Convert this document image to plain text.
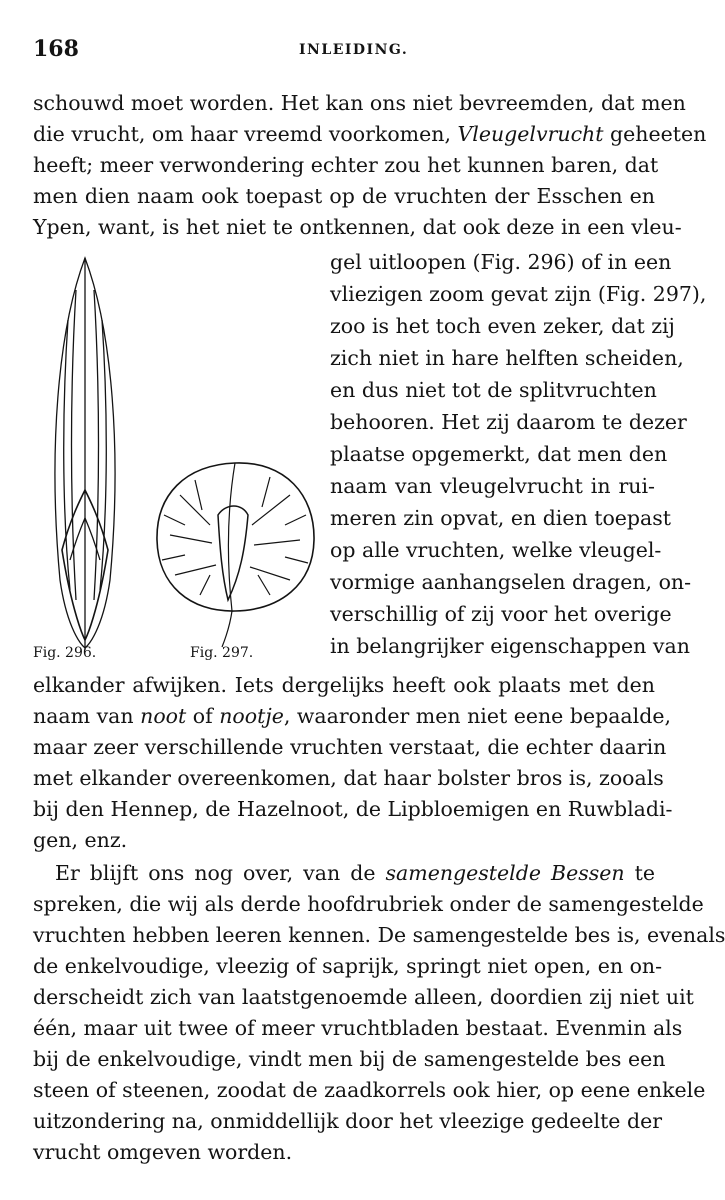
168	INLEIDING.
schouwd moet worden. Het kan ons niet bevreemden, dat men
die vrucht, om haar vreemd voorkomen, Vleugelvrucht geheeten
heeft; meer verwondering echter zou het kunnen baren, dat
men dien naam ook toepast op de vruchten der Esschen en
Ypen, want, is het niet te ontkennen, dat ook deze in een vleu-
gel uitloopen (Fig. 296) of in een
vliezigen zoom gevat zijn (Fig. 297),
zoo is het toch even zeker, dat zij
zich niet in hare helften scheiden,
en dus niet tot de splitvruchten
behooren. Het zij daarom te dezer
plaatse opgemerkt, dat men den
naam van vleugelvrucht in rui-
meren zin opvat, en dien toepast
op alle vruchten, welke vleugel-
vormige aanhangselen dragen, on-
verschillig of zij voor het overige
in belangrijker eigenschappen van
Fig. 296.	Fig. 297.
elkander afwijken. Iets dergelijks heeft ook plaats met den
naam van noot of nootje, waaronder men niet eene bepaalde,
maar zeer verschillende vruchten verstaat, die echter daarin
met elkander overeenkomen, dat haar bolster bros is, zooals
bij den Hennep, de Hazelnoot, de Lipbloemigen en Ruwbladi-
gen, enz.
Er blijft ons nog over, van de samengestelde Bessen te
spreken, die wij als derde hoofdrubriek onder de samengestelde
vruchten hebben leeren kennen. De samengestelde bes is, evenals
de enkelvoudige, vleezig of saprijk, springt niet open, en on-
derscheidt zich van laatstgenoemde alleen, doordien zij niet uit
één, maar uit twee of meer vruchtbladen bestaat. Evenmin als
bij de enkelvoudige, vindt men bij de samengestelde bes een
steen of steenen, zoodat de zaadkorrels ook hier, op eene enkele
uitzondering na, onmiddellijk door het vleezige gedeelte der
vrucht omgeven worden.
